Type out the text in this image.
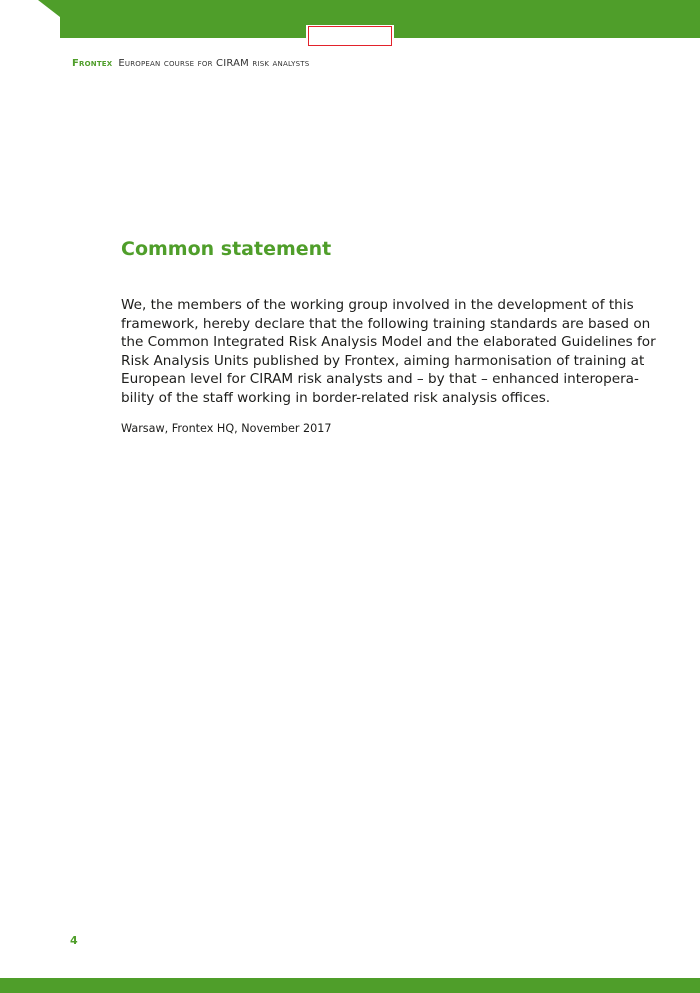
Frontex European course for CIRAM risk analysts
Common statement
We, the members of the working group involved in the development of this
framework, hereby declare that the following training standards are based on
the Common Integrated Risk Analysis Model and the elaborated Guidelines for
Risk Analysis Units published by Frontex, aiming harmonisation of training at
European level for CIRAM risk analysts and – by that – enhanced interopera-
bility of the staff working in border-related risk analysis offices.

Warsaw, Frontex HQ, November 2017

4
